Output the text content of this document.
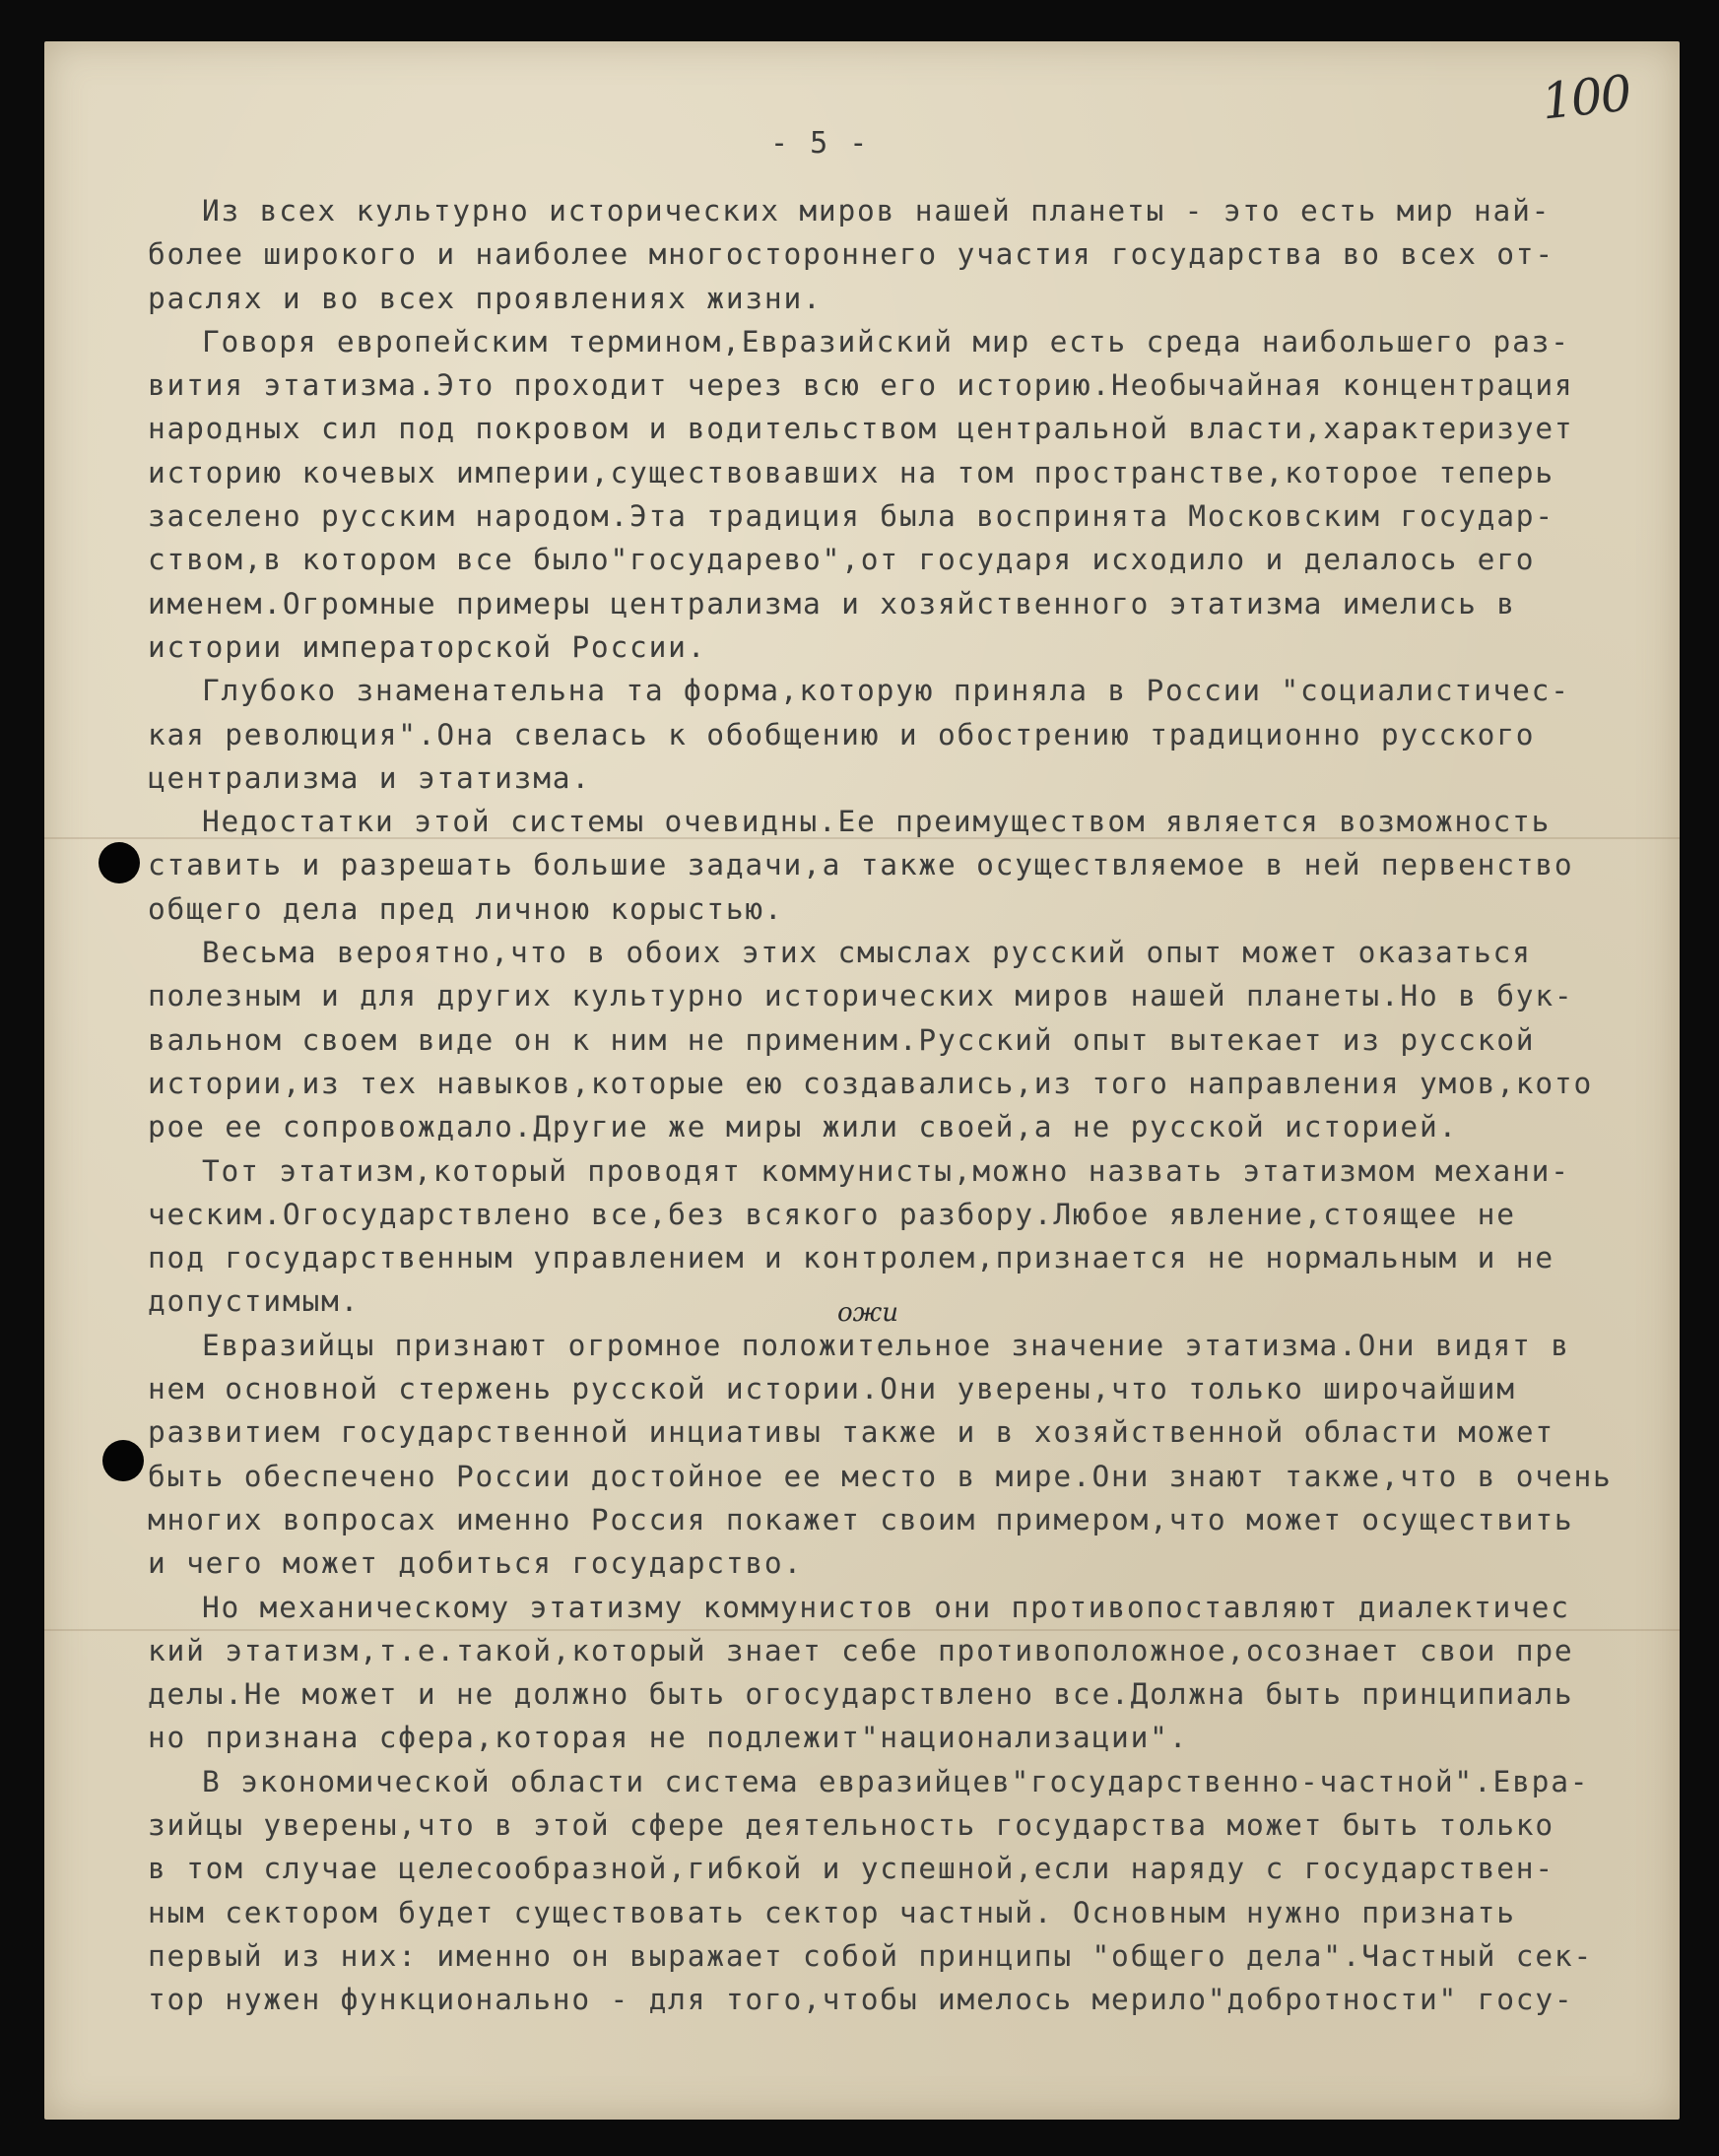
100
- 5 -
ожи
Из всех культурно исторических миров нашей планеты - это есть мир най-
более широкого и наиболее многостороннего участия государства во всех от-
раслях и во всех проявлениях жизни.
Говоря европейским термином,Евразийский мир есть среда наибольшего раз-
вития этатизма.Это проходит через всю его историю.Необычайная концентрация
народных сил под покровом и водительством центральной власти,характеризует
историю кочевых империи,существовавших на том пространстве,которое теперь
заселено русским народом.Эта традиция была воспринята Московским государ-
ством,в котором все было"государево",от государя исходило и делалось его
именем.Огромные примеры централизма и хозяйственного этатизма имелись в
истории императорской России.
Глубоко знаменательна та форма,которую приняла в России "социалистичес-
кая революция".Она свелась к обобщению и обострению традиционно русского
централизма и этатизма.
Недостатки этой системы очевидны.Ее преимуществом является возможность
ставить и разрешать большие задачи,а также осуществляемое в ней первенство
общего дела пред личною корыстью.
Весьма вероятно,что в обоих этих смыслах русский опыт может оказаться
полезным и для других культурно исторических миров нашей планеты.Но в бук-
вальном своем виде он к ним не применим.Русский опыт вытекает из русской
истории,из тех навыков,которые ею создавались,из того направления умов,кото
рое ее сопровождало.Другие же миры жили своей,а не русской историей.
Тот этатизм,который проводят коммунисты,можно назвать этатизмом механи-
ческим.Огосударствлено все,без всякого разбору.Любое явление,стоящее не
под государственным управлением и контролем,признается не нормальным и не
допустимым.
Евразийцы признают огромное положительное значение этатизма.Они видят в
нем основной стержень русской истории.Они уверены,что только широчайшим
развитием государственной инциативы также и в хозяйственной области может
быть обеспечено России достойное ее место в мире.Они знают также,что в очень
многих вопросах именно Россия покажет своим примером,что может осуществить
и чего может добиться государство.
Но механическому этатизму коммунистов они противопоставляют диалектичес
кий этатизм,т.е.такой,который знает себе противоположное,осознает свои пре
делы.Не может и не должно быть огосударствлено все.Должна быть принципиаль
но признана сфера,которая не подлежит"национализации".
В экономической области система евразийцев"государственно-частной".Евра-
зийцы уверены,что в этой сфере деятельность государства может быть только
в том случае целесообразной,гибкой и успешной,если наряду с государствен-
ным сектором будет существовать сектор частный. Основным нужно признать
первый из них: именно он выражает собой принципы "общего дела".Частный сек-
тор нужен функционально - для того,чтобы имелось мерило"добротности" госу-
